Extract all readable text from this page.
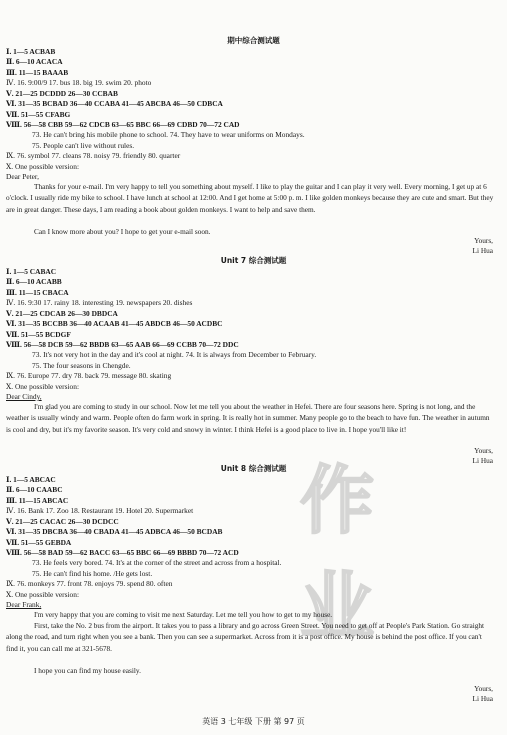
期中综合测试题
Ⅰ. 1—5 ACBAB
Ⅱ. 6—10 ACACA
Ⅲ. 11—15 BAAAB
Ⅳ. 16. 9:00/9 17. bus 18. big 19. swim 20. photo
Ⅴ. 21—25 DCDDD 26—30 CCBAB
Ⅵ. 31—35 BCBAD 36—40 CCABA 41—45 ABCBA 46—50 CDBCA
Ⅶ. 51—55 CFABG
Ⅷ. 56—58 CBB 59—62 CDCB 63—65 BBC 66—69 CDBD 70—72 CAD
73. He can't bring his mobile phone to school. 74. They have to wear uniforms on Mondays.
75. People can't live without rules.
Ⅸ. 76. symbol 77. cleans 78. noisy 79. friendly 80. quarter
Ⅹ. One possible version:
Dear Peter,
Thanks for your e-mail. I'm very happy to tell you something about myself. I like to play the guitar and I can play it very well. Every morning, I get up at 6 o'clock. I usually ride my bike to school. I have lunch at school at 12:00. And I get home at 5:00 p. m. I like golden monkeys because they are cute and smart. But they are in great danger. These days, I am reading a book about golden monkeys. I want to help and save them.
Can I know more about you? I hope to get your e-mail soon.
Yours,
Li Hua
Unit 7 综合测试题
Ⅰ. 1—5 CABAC
Ⅱ. 6—10 ACABB
Ⅲ. 11—15 CBACA
Ⅳ. 16. 9:30 17. rainy 18. interesting 19. newspapers 20. dishes
Ⅴ. 21—25 CDCAB 26—30 DBDCA
Ⅵ. 31—35 BCCBB 36—40 ACAAB 41—45 ABDCB 46—50 ACDBC
Ⅶ. 51—55 BCDGF
Ⅷ. 56—58 DCB 59—62 BBDB 63—65 AAB 66—69 CCBB 70—72 DDC
73. It's not very hot in the day and it's cool at night. 74. It is always from December to February.
75. The four seasons in Chengde.
Ⅸ. 76. Europe 77. dry 78. back 79. message 80. skating
Ⅹ. One possible version:
Dear Cindy,
I'm glad you are coming to study in our school. Now let me tell you about the weather in Hefei. There are four seasons here. Spring is not long, and the weather is usually windy and warm. People often do farm work in spring. It is really hot in summer. Many people go to the beach to have fun. The weather in autumn is cool and dry, but it's my favorite season. It's very cold and snowy in winter. I think Hefei is a good place to live in. I hope you'll like it!
Yours,
Li Hua
作业
Unit 8 综合测试题
Ⅰ. 1—5 ABCAC
Ⅱ. 6—10 CAABC
Ⅲ. 11—15 ABCAC
Ⅳ. 16. Bank 17. Zoo 18. Restaurant 19. Hotel 20. Supermarket
Ⅴ. 21—25 CACAC 26—30 DCDCC
Ⅵ. 31—35 DBCBA 36—40 CBADA 41—45 ADBCA 46—50 BCDAB
Ⅶ. 51—55 GEBDA
Ⅷ. 56—58 BAD 59—62 BACC 63—65 BBC 66—69 BBBD 70—72 ACD
73. He feels very bored. 74. It's at the corner of the street and across from a hospital.
75. He can't find his home. /He gets lost.
Ⅸ. 76. monkeys 77. front 78. enjoys 79. spend 80. often
Ⅹ. One possible version:
Dear Frank,
I'm very happy that you are coming to visit me next Saturday. Let me tell you how to get to my house.
First, take the No. 2 bus from the airport. It takes you to pass a library and go across Green Street. You need to get off at People's Park Station. Go straight along the road, and turn right when you see a bank. Then you can see a supermarket. Across from it is a post office. My house is behind the post office. If you can't find it, you can call me at 321-5678.
I hope you can find my house easily.
Yours,
Li Hua
英语 3 七年级 下册 第 97 页
